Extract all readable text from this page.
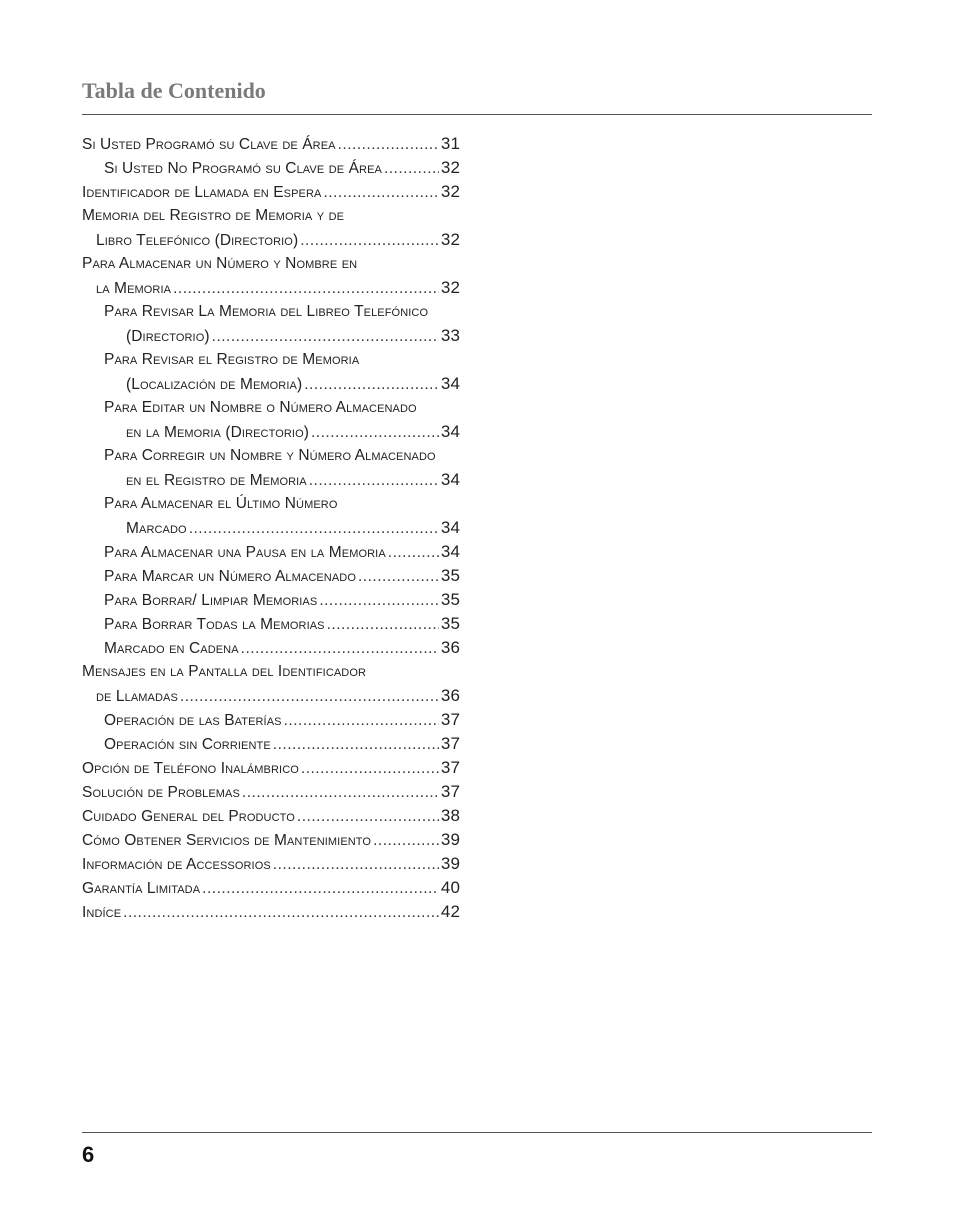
Tabla de Contenido
Si Usted Programó su Clave de Área .....	31
Si Usted No Programó su Clave de Área .....	32
Identificador de Llamada en Espera .....	32
Memoria del Registro de Memoria y de
Libro Telefónico (Directorio) .....	32
Para Almacenar un Número y Nombre en
la Memoria .....	32
Para Revisar La Memoria del Libreo Telefónico
(Directorio) .....	33
Para Revisar el Registro de Memoria
(Localización de Memoria) .....	34
Para Editar un Nombre o Número Almacenado
en la Memoria (Directorio) .....	34
Para Corregir un Nombre y Número Almacenado
en el Registro de Memoria .....	34
Para Almacenar el Último Número
Marcado .....	34
Para Almacenar una Pausa en la Memoria .....	34
Para Marcar un Número Almacenado .....	35
Para Borrar/ Limpiar Memorias .....	35
Para Borrar Todas la Memorias .....	35
Marcado en Cadena .....	36
Mensajes en la Pantalla del Identificador
de Llamadas .....	36
Operación de las Baterías .....	37
Operación sin Corriente .....	37
Opción de Teléfono Inalámbrico .....	37
Solución de Problemas .....	37
Cuidado General del Producto .....	38
Cómo Obtener Servicios de Mantenimiento .....	39
Información de Accessorios .....	39
Garantía Limitada .....	40
Indíce .....	42
6
